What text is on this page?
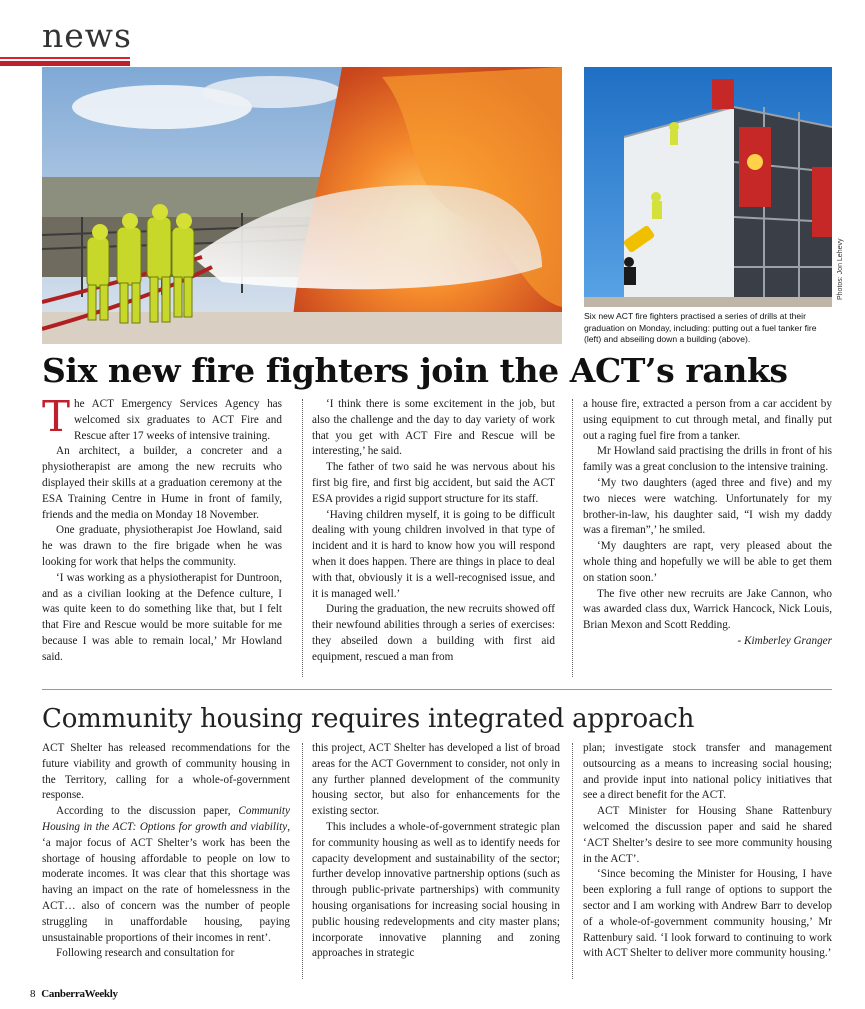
news
Photos: Jon Lehevy
Six new ACT fire fighters practised a series of drills at their graduation on Monday, including: putting out a fuel tanker fire (left) and abseiling down a building (above).
Six new fire fighters join the ACT’s ranks

The ACT Emergency Services Agency has welcomed six graduates to ACT Fire and Rescue after 17 weeks of intensive training.

An architect, a builder, a concreter and a physiotherapist are among the new recruits who displayed their skills at a graduation ceremony at the ESA Training Centre in Hume in front of family, friends and the media on Monday 18 November.

One graduate, physiotherapist Joe Howland, said he was drawn to the fire brigade when he was looking for work that helps the community.

‘I was working as a physiotherapist for Duntroon, and as a civilian looking at the Defence culture, I was quite keen to do something like that, but I felt that Fire and Rescue would be more suitable for me because I was able to remain local,’ Mr Howland said.

‘I think there is some excitement in the job, but also the challenge and the day to day variety of work that you get with ACT Fire and Rescue will be interesting,’ he said.

The father of two said he was nervous about his first big fire, and first big accident, but said the ACT ESA provides a rigid support structure for its staff.

‘Having children myself, it is going to be difficult dealing with young children involved in that type of incident and it is hard to know how you will respond when it does happen. There are things in place to deal with that, obviously it is a well-recognised issue, and it is managed well.’

During the graduation, the new recruits showed off their newfound abilities through a series of exercises: they abseiled down a building with first aid equipment, rescued a man from

a house fire, extracted a person from a car accident by using equipment to cut through metal, and finally put out a raging fuel fire from a tanker.

Mr Howland said practising the drills in front of his family was a great conclusion to the intensive training.

‘My two daughters (aged three and five) and my two nieces were watching. Unfortunately for my brother-in-law, his daughter said, “I wish my daddy was a fireman”,’ he smiled.

‘My daughters are rapt, very pleased about the whole thing and hopefully we will be able to get them on station soon.’

The five other new recruits are Jake Cannon, who was awarded class dux, Warrick Hancock, Nick Louis, Brian Mexon and Scott Redding.

- Kimberley Granger

Community housing requires integrated approach

ACT Shelter has released recommendations for the future viability and growth of community housing in the Territory, calling for a whole-of-government response.

According to the discussion paper, Community Housing in the ACT: Options for growth and viability, ‘a major focus of ACT Shelter’s work has been the shortage of housing affordable to people on low to moderate incomes. It was clear that this shortage was having an impact on the rate of homelessness in the ACT… also of concern was the number of people struggling in unaffordable housing, paying unsustainable proportions of their incomes in rent’.

Following research and consultation for

this project, ACT Shelter has developed a list of broad areas for the ACT Government to consider, not only in any further planned development of the community housing sector, but also for enhancements for the existing sector.

This includes a whole-of-government strategic plan for community housing as well as to identify needs for capacity development and sustainability of the sector; further develop innovative partnership options (such as through public-private partnerships) with community housing organisations for increasing social housing in public housing redevelopments and city master plans; incorporate innovative planning and zoning approaches in strategic

plan; investigate stock transfer and management outsourcing as a means to increasing social housing; and provide input into national policy initiatives that see a direct benefit for the ACT.

ACT Minister for Housing Shane Rattenbury welcomed the discussion paper and said he shared ‘ACT Shelter’s desire to see more community housing in the ACT’.

‘Since becoming the Minister for Housing, I have been exploring a full range of options to support the sector and I am working with Andrew Barr to develop of a whole-of-government community housing,’ Mr Rattenbury said. ‘I look forward to continuing to work with ACT Shelter to deliver more community housing.’

8 CanberraWeekly
